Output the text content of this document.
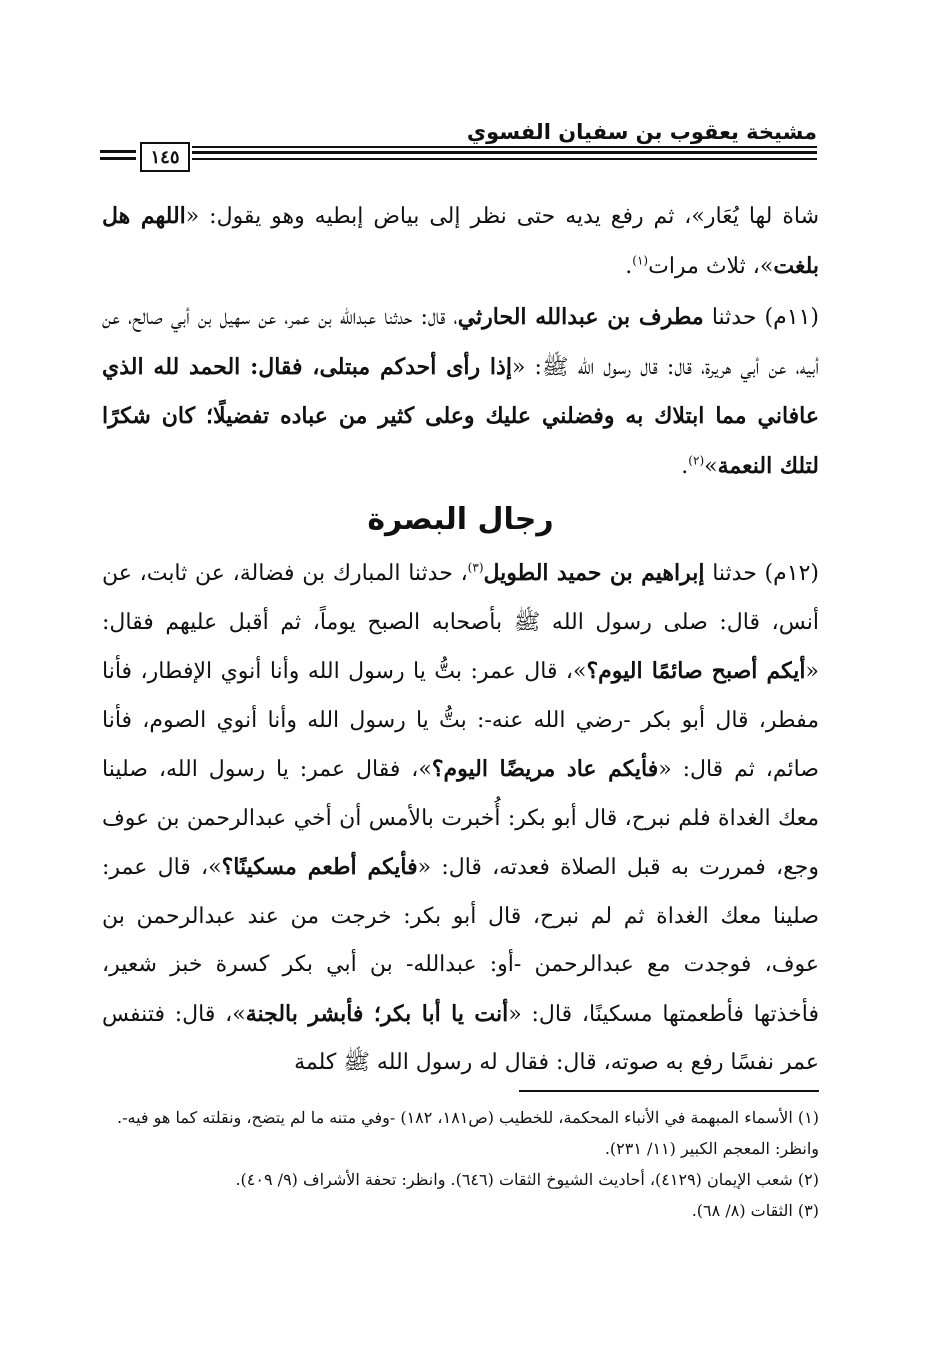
مشيخة يعقوب بن سفيان الفسوي
١٤٥

شاة لها يُعَار»، ثم رفع يديه حتى نظر إلى بياض إبطيه وهو يقول: «اللهم هل بلغت»، ثلاث مرات$^{(١)}$.

(١١م) حدثنا مطرف بن عبدالله الحارثي، قال: حدثنا عبدالله بن عمر، عن سهيل بن أبي صالح، عن أبيه، عن أبي هريرة، قال: قال رسول الله ﷺ: «إذا رأى أحدكم مبتلى، فقال: الحمد لله الذي عافاني مما ابتلاك به وفضلني عليك وعلى كثير من عباده تفضيلًا؛ كان شكرًا لتلك النعمة»$^{(٢)}$.

رجال البصرة

(١٢م) حدثنا إبراهيم بن حميد الطويل$^{(٣)}$، حدثنا المبارك بن فضالة، عن ثابت، عن أنس، قال: صلى رسول الله ﷺ بأصحابه الصبح يوماً، ثم أقبل عليهم فقال: «أيكم أصبح صائمًا اليوم؟»، قال عمر: بتُّ يا رسول الله وأنا أنوي الإفطار، فأنا مفطر، قال أبو بكر -رضي الله عنه-: بتُّ يا رسول الله وأنا أنوي الصوم، فأنا صائم، ثم قال: «فأيكم عاد مريضًا اليوم؟»، فقال عمر: يا رسول الله، صلينا معك الغداة فلم نبرح، قال أبو بكر: أُخبرت بالأمس أن أخي عبدالرحمن بن عوف وجع، فمررت به قبل الصلاة فعدته، قال: «فأيكم أطعم مسكينًا؟»، قال عمر: صلينا معك الغداة ثم لم نبرح، قال أبو بكر: خرجت من عند عبدالرحمن بن عوف، فوجدت مع عبدالرحمن -أو: عبدالله- بن أبي بكر كسرة خبز شعير، فأخذتها فأطعمتها مسكينًا، قال: «أنت يا أبا بكر؛ فأبشر بالجنة»، قال: فتنفس عمر نفسًا رفع به صوته، قال: فقال له رسول الله ﷺ كلمة

(١) الأسماء المبهمة في الأنباء المحكمة، للخطيب (ص١٨١، ١٨٢) -وفي متنه ما لم يتضح، ونقلته كما هو فيه-. وانظر: المعجم الكبير (١١/ ٢٣١).

(٢) شعب الإيمان (٤١٢٩)، أحاديث الشيوخ الثقات (٦٤٦). وانظر: تحفة الأشراف (٩/ ٤٠٩).

(٣) الثقات (٨/ ٦٨).
